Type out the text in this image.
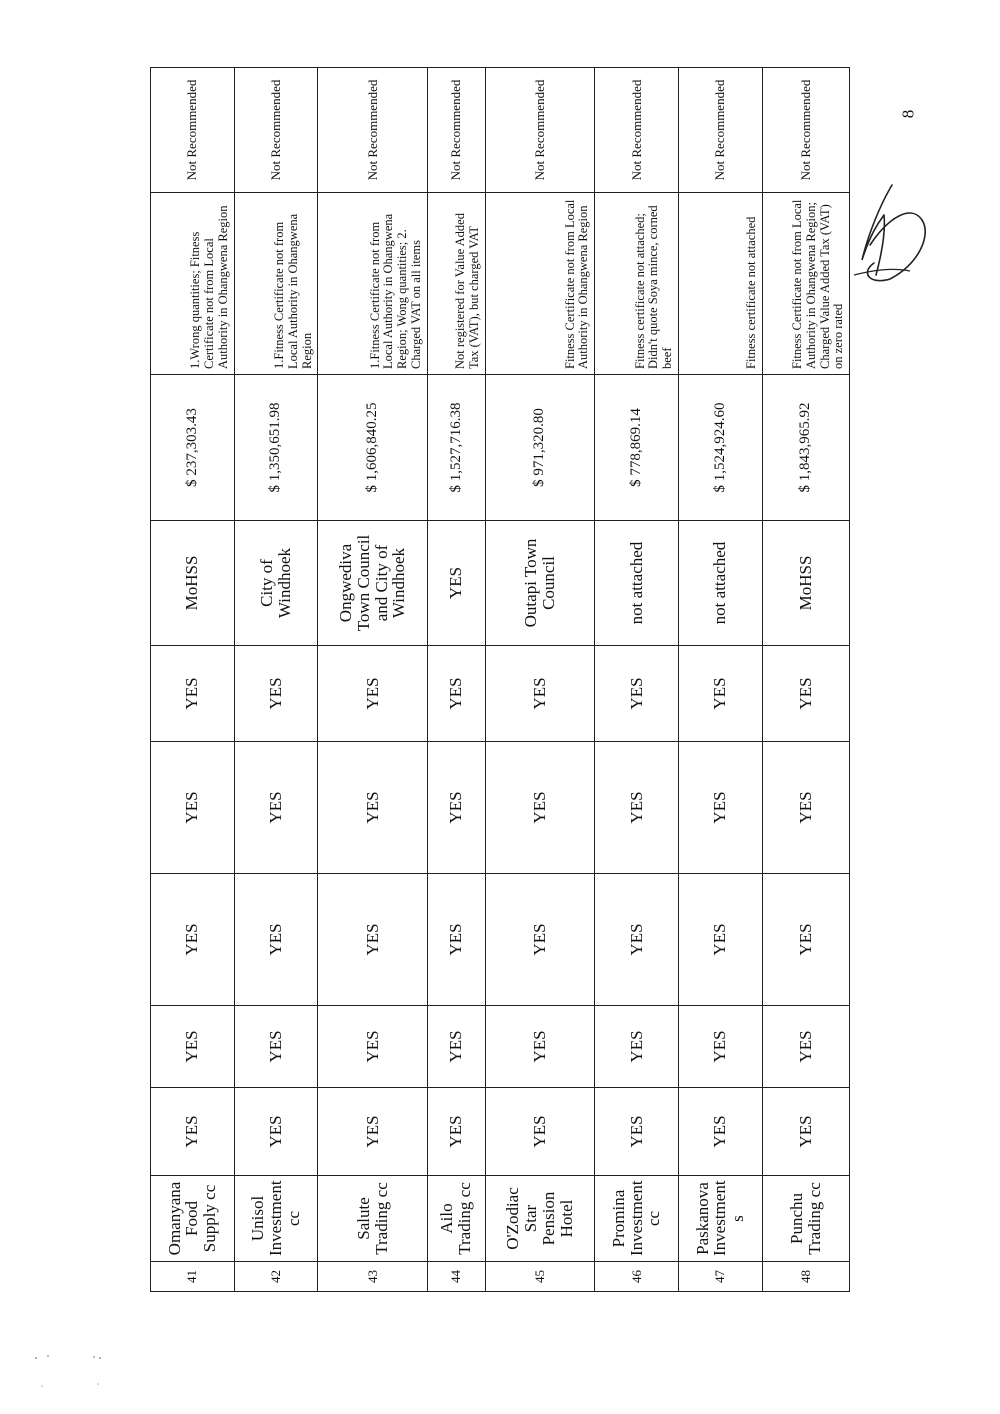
41	Omanyana Food Supply cc	YES	YES	YES	YES	YES	MoHSS	$ 237,303.43	1.Wrong quantities; Fitness Certificate not from Local Authority in Ohangwena Region	Not Recommended
42	Unisol Investment cc	YES	YES	YES	YES	YES	City of Windhoek	$ 1,350,651.98	1.Fitness Certificate not from Local Authority in Ohangwena Region	Not Recommended
43	Salute Trading cc	YES	YES	YES	YES	YES	Ongwediva Town Council and City of Windhoek	$ 1,606,840.25	1.Fitness Certificate not from Local Authority in Ohangwena Region; Wong quantities; 2. Charged VAT on all items	Not Recommended
44	Ailo Trading cc	YES	YES	YES	YES	YES	YES	$ 1,527,716.38	Not registered for Value Added Tax (VAT), but charged VAT	Not Recommended
45	O'Zodiac Star Pension Hotel	YES	YES	YES	YES	YES	Outapi Town Council	$ 971,320.80	Fitness Certificate not from Local Authority in Ohangwena Region	Not Recommended
46	Promina Investment cc	YES	YES	YES	YES	YES	not attached	$ 778,869.14	Fitness certificate not attached; Didn't quote Soya mince, corned beef	Not Recommended
47	Paskanova Investment s	YES	YES	YES	YES	YES	not attached	$ 1,524,924.60	Fitness certificate not attached	Not Recommended
48	Punchu Trading cc	YES	YES	YES	YES	YES	MoHSS	$ 1,843,965.92	Fitness Certificate not from Local Authority in Ohangwena Region; Charged Value Added Tax (VAT) on zero rated	Not Recommended	8
